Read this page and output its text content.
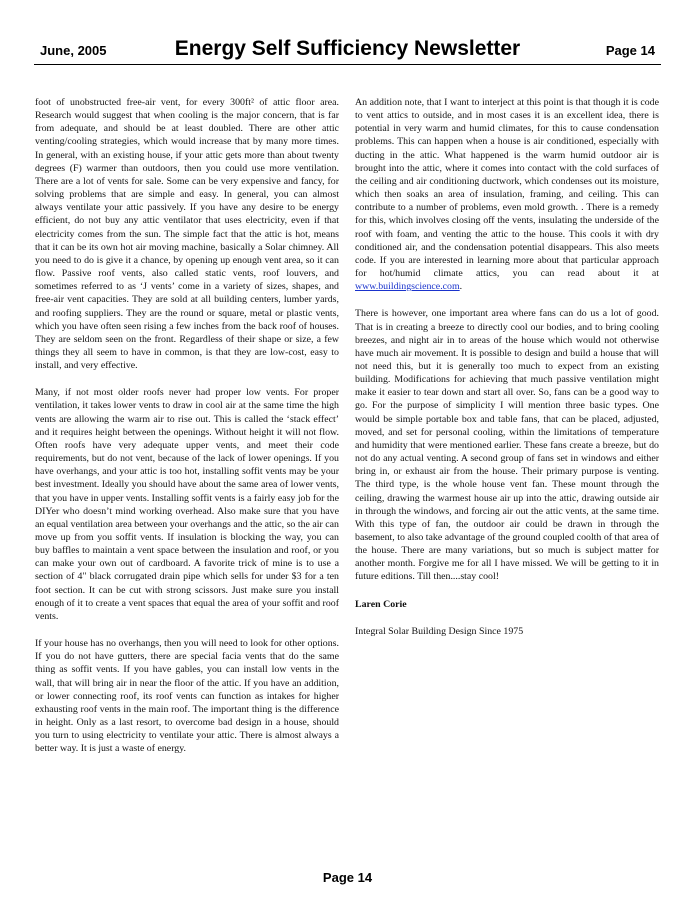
June, 2005	Energy Self Sufficiency Newsletter	Page 14

foot of unobstructed free-air vent, for every 300ft² of attic floor area. Research would suggest that when cooling is the major concern, that is far from adequate, and should be at least doubled. There are other attic venting/cooling strategies, which would increase that by many more times. In general, with an existing house, if your attic gets more than about twenty degrees (F) warmer than outdoors, then you could use more ventilation. There are a lot of vents for sale. Some can be very expensive and fancy, for solving problems that are simple and easy. In general, you can almost always ventilate your attic passively. If you have any desire to be energy efficient, do not buy any attic ventilator that uses electricity, even if that electricity comes from the sun. The simple fact that the attic is hot, means that it can be its own hot air moving machine, basically a Solar chimney. All you need to do is give it a chance, by opening up enough vent area, so it can flow. Passive roof vents, also called static vents, roof louvers, and sometimes referred to as ‘J vents’ come in a variety of sizes, shapes, and free-air vent capacities. They are sold at all building centers, lumber yards, and roofing suppliers. They are the round or square, metal or plastic vents, which you have often seen rising a few inches from the back roof of houses. They are seldom seen on the front. Regardless of their shape or size, a few things they all seem to have in common, is that they are low-cost, easy to install, and very effective.

Many, if not most older roofs never had proper low vents. For proper ventilation, it takes lower vents to draw in cool air at the same time the high vents are allowing the warm air to rise out. This is called the ‘stack effect’ and it requires height between the openings. Without height it will not flow. Often roofs have very adequate upper vents, and meet their code requirements, but do not vent, because of the lack of lower openings. If you have overhangs, and your attic is too hot, installing soffit vents may be your best investment. Ideally you should have about the same area of lower vents, that you have in upper vents. Installing soffit vents is a fairly easy job for the DIYer who doesn’t mind working overhead. Also make sure that you have an equal ventilation area between your overhangs and the attic, so the air can move up from you soffit vents. If insulation is blocking the way, you can buy baffles to maintain a vent space between the insulation and roof, or you can make your own out of cardboard. A favorite trick of mine is to use a section of 4" black corrugated drain pipe which sells for under $3 for a ten foot section. It can be cut with strong scissors. Just make sure you install enough of it to create a vent spaces that equal the area of your soffit and roof vents.

If your house has no overhangs, then you will need to look for other options. If you do not have gutters, there are special facia vents that do the same thing as soffit vents. If you have gables, you can install low vents in the wall, that will bring air in near the floor of the attic. If you have an addition, or lower connecting roof, its roof vents can function as intakes for higher exhausting roof vents in the main roof. The important thing is the difference in height. Only as a last resort, to overcome bad design in a house, should you turn to using electricity to ventilate your attic. There is almost always a better way. It is just a waste of energy.

An addition note, that I want to interject at this point is that though it is code to vent attics to outside, and in most cases it is an excellent idea, there is potential in very warm and humid climates, for this to cause condensation problems. This can happen when a house is air conditioned, especially with ducting in the attic. What happened is the warm humid outdoor air is brought into the attic, where it comes into contact with the cold surfaces of the ceiling and air conditioning ductwork, which condenses out its moisture, which then soaks an area of insulation, framing, and ceiling. This can contribute to a number of problems, even mold growth. . There is a remedy for this, which involves closing off the vents, insulating the underside of the roof with foam, and venting the attic to the house. This cools it with dry conditioned air, and the condensation potential disappears. This also meets code. If you are interested in learning more about that particular approach for hot/humid climate attics, you can read about it at www.buildingscience.com.

There is however, one important area where fans can do us a lot of good. That is in creating a breeze to directly cool our bodies, and to bring cooling breezes, and night air in to areas of the house which would not otherwise have much air movement. It is possible to design and build a house that will not need this, but it is generally too much to expect from an existing building. Modifications for achieving that much passive ventilation might make it easier to tear down and start all over. So, fans can be a good way to go. For the purpose of simplicity I will mention three basic types. One would be simple portable box and table fans, that can be placed, adjusted, moved, and set for personal cooling, within the limitations of temperature and humidity that were mentioned earlier. These fans create a breeze, but do not do any actual venting. A second group of fans set in windows and either bring in, or exhaust air from the house. Their primary purpose is venting. The third type, is the whole house vent fan. These mount through the ceiling, drawing the warmest house air up into the attic, drawing outside air in through the windows, and forcing air out the attic vents, at the same time. With this type of fan, the outdoor air could be drawn in through the basement, to also take advantage of the ground coupled coolth of that area of the house. There are many variations, but so much is subject matter for another month. Forgive me for all I have missed. We will be getting to it in future editions. Till then....stay cool!

Laren Corie

Integral Solar Building Design Since 1975

Page 14
